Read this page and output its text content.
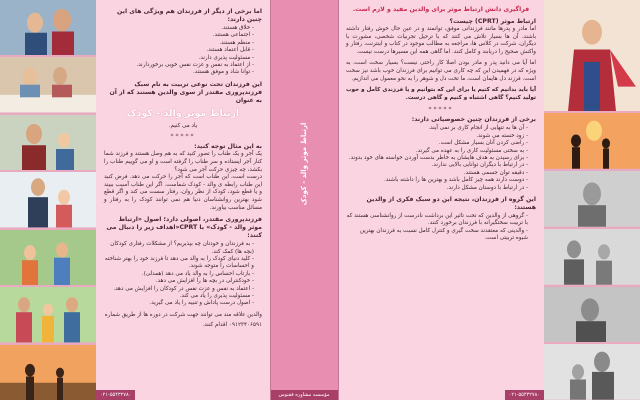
اما برخی از دیگر از فرزندان هم ویژگی های این چنین دارند:

- خلاق هستند.
- اجتماعی هستند.
- منظم هستند.
- قابل اعتماد هستند.
- مسئولیت پذیری دارند.
- از اعتماد به نفس و عزت نفس خوبی برخوردارند.
- توانا شاد و موفق هستند.

این فرزندان تحت نوعی تربیت به نام سبک فرزندپروری مقتدر از سوی والدین هستند که از آن به عنوان

ارتباط موثر والد - کودک

یاد می کنیم.

*****

به این مثال توجه کنید:

یک آجر و یک طناب را تصور کنید که به هم وصل هستند و فرزند شما کنار آجر ایستاده و سر طناب را گرفته است و او می گوییم طناب را بکشد، چه چیزی حرکت آجر می شود؟

درست است، این طناب است که آجر را حرکت می دهد. فرض کنید این طناب رابطه ی والد - کودک شماست. اگر این طناب آسیب ببیند و یا قطع شود، کودک از نظر روان، رفتار سست می کند و اگر قطع شود بهترین روانشناسان دنیا هم نمی توانند کودک را به رفتار و مسائل مناسب بیاورند.

فرزندپروری مقتدر، اصولی دارد؛ اصول «ارتباط موثر والد - کودک» با CPRT«اهداف زیر را دنبال می کنند:

- به فرزندان و خودتان چه بپذیریم؟ از مشکلات رفتاری کودکان (بچه ها) کمک کند.
- کلید دنیای کودک را به والد می دهد تا فرزند خود را بهتر شناخته و احساسات را متوجه شوند.
- بازتاب احساس را به والد یاد می دهد (همدلی).
- خودکنترلی در بچه ها را افزایش می دهد.
- اعتماد به نفس و عزت نفس در کودکان را افزایش می دهد.
- مسئولیت پذیری را یاد می کند.
- اصول درست پاداش و تنبیه را یاد می گیرید.

والدین علاقه مند می توانند جهت شرکت در دوره ها از طریق شماره

۰۹۱۲۳۴۰۶۵۹۱ اقدام کنند.

۰۲۱-۵۵۴۳۲۷۸۰
ارتباط موثر والد - کودک
مؤسسه مشاوره ققنوس

فراگیری دانش ارتباط موثر برای والدین مفید و لازم است.

ارتباط موثر (CPRT) چیست؟

اما مادر و پدرها مانند فرزندانی موفق، توانمند و در عین حال خوش رفتار داشته باشند. آن ها بسیار تلاش می کنند که با ترحیل تجربیات شخصی، مشورت با دیگران، شرکت در کلاس ها، مراجعه به مطالب موجود در کتاب و اینترنت، رفتار و واکنش صحیح را دریابند و کامل کنند. اما گاهی همه این مسیرها درست نیست.

اما آیا می دانید پدر و مادر بودن اصلا کار راحتی نیست؟ بسیار سخت است، به ویژه که در فهمیدن این که چه کاری می توانیم برای فرزندان خوب باشد نیز سخت است. فرزند دل هایمان است، ما تخت دل و شوهر را به نحو معمول می اندازیم.

آیا باید بدانیم که کنیم یا برای این که بتوانیم و یا فرزندی کامل و خوب تولید کنیم؟ گاهی اشتباه و کنیم و گاهی درست.

*****

برخی از فرزندان چنین خصوصیاتی دارند:

- آن ها به تنهایی از انجام کاری بر نمی آیند.
- زود خسته می شوند.
- راضی کردن آنان بسیار مشکل است.
- به سختی مسئولیت کاری را به عهده می گیرند.
- برای رسیدن به هدف هایشان به خاطر بدست آوردن خواسته های خود بدوند.
- در ارتباط با دیگران توانایی بالایی ندارند.
- دقیقه توان جسمی هستند.
- دوست دارند همه چیز کامل باشد و بهترین ها را داشته باشند.
- در ارتباط با دوستان مشکل دارند.

این گروه از فرزندان، نتیجه این دو سبک فکری از والدین هستند:

- گروهی از والدین که تحت تاثیر این برداشت نادرست از روانشناسی هستند که با تربیت سختگیرانه با فرزندان برخورد کنند.
- والدینی که معتقدند سخت گیری و کنترل کامل نسبت به فرزندان بهترین شیوه تربیتی است.
۰۲۱-۵۵۴۳۲۷۸۰
